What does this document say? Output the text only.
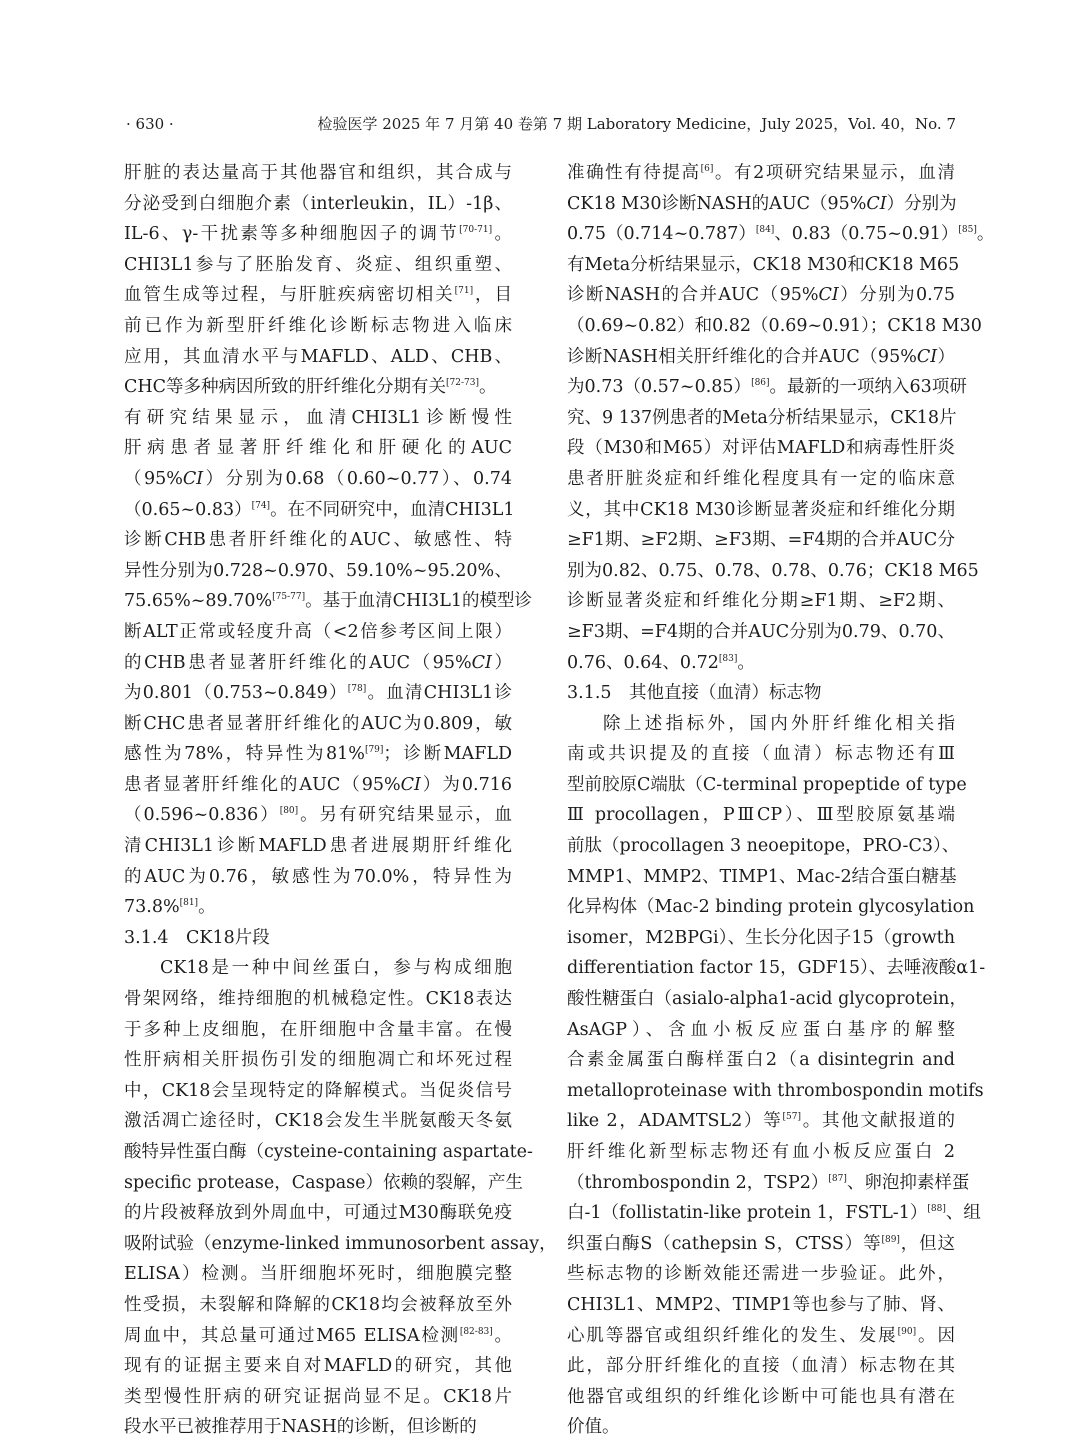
· 630 ·	检验医学 2025 年 7 月第 40 卷第 7 期 Laboratory Medicine，July 2025，Vol. 40，No. 7
肝脏的表达量高于其他器官和组织，其合成与
分泌受到白细胞介素（interleukin，IL）-1β、
IL-6、γ-干扰素等多种细胞因子的调节[70-71]。
CHI3L1参与了胚胎发育、炎症、组织重塑、
血管生成等过程，与肝脏疾病密切相关[71]，目
前已作为新型肝纤维化诊断标志物进入临床
应用，其血清水平与MAFLD、ALD、CHB、
CHC等多种病因所致的肝纤维化分期有关[72-73]。
有研究结果显示，血清CHI3L1诊断慢性
肝病患者显著肝纤维化和肝硬化的AUC
（95%CI）分别为0.68（0.60~0.77）、0.74
（0.65~0.83）[74]。在不同研究中，血清CHI3L1
诊断CHB患者肝纤维化的AUC、敏感性、特
异性分别为0.728~0.970、59.10%~95.20%、
75.65%~89.70%[75-77]。基于血清CHI3L1的模型诊
断ALT正常或轻度升高（<2倍参考区间上限）
的CHB患者显著肝纤维化的AUC（95%CI）
为0.801（0.753~0.849）[78]。血清CHI3L1诊
断CHC患者显著肝纤维化的AUC为0.809，敏
感性为78%，特异性为81%[79]；诊断MAFLD
患者显著肝纤维化的AUC（95%CI）为0.716
（0.596~0.836）[80]。另有研究结果显示，血
清CHI3L1诊断MAFLD患者进展期肝纤维化
的AUC为0.76，敏感性为70.0%，特异性为
73.8%[81]。
3.1.4　CK18片段
CK18是一种中间丝蛋白，参与构成细胞
骨架网络，维持细胞的机械稳定性。CK18表达
于多种上皮细胞，在肝细胞中含量丰富。在慢
性肝病相关肝损伤引发的细胞凋亡和坏死过程
中，CK18会呈现特定的降解模式。当促炎信号
激活凋亡途径时，CK18会发生半胱氨酸天冬氨
酸特异性蛋白酶（cysteine-containing aspartate-
specific protease，Caspase）依赖的裂解，产生
的片段被释放到外周血中，可通过M30酶联免疫
吸附试验（enzyme-linked immunosorbent assay，
ELISA）检测。当肝细胞坏死时，细胞膜完整
性受损，未裂解和降解的CK18均会被释放至外
周血中，其总量可通过M65 ELISA检测[82-83]。
现有的证据主要来自对MAFLD的研究，其他
类型慢性肝病的研究证据尚显不足。CK18片
段水平已被推荐用于NASH的诊断，但诊断的
准确性有待提高[6]。有2项研究结果显示，血清
CK18 M30诊断NASH的AUC（95%CI）分别为
0.75（0.714~0.787）[84]、0.83（0.75~0.91）[85]。
有Meta分析结果显示，CK18 M30和CK18 M65
诊断NASH的合并AUC（95%CI）分别为0.75
（0.69~0.82）和0.82（0.69~0.91）；CK18 M30
诊断NASH相关肝纤维化的合并AUC（95%CI）
为0.73（0.57~0.85）[86]。最新的一项纳入63项研
究、9 137例患者的Meta分析结果显示，CK18片
段（M30和M65）对评估MAFLD和病毒性肝炎
患者肝脏炎症和纤维化程度具有一定的临床意
义，其中CK18 M30诊断显著炎症和纤维化分期
≥F1期、≥F2期、≥F3期、=F4期的合并AUC分
别为0.82、0.75、0.78、0.78、0.76；CK18 M65
诊断显著炎症和纤维化分期≥F1期、≥F2期、
≥F3期、=F4期的合并AUC分别为0.79、0.70、
0.76、0.64、0.72[83]。
3.1.5　其他直接（血清）标志物
除上述指标外，国内外肝纤维化相关指
南或共识提及的直接（血清）标志物还有Ⅲ
型前胶原C端肽（C-terminal propeptide of type
Ⅲ procollagen，PⅢCP）、Ⅲ型胶原氨基端
前肽（procollagen 3 neoepitope，PRO-C3）、
MMP1、MMP2、TIMP1、Mac-2结合蛋白糖基
化异构体（Mac-2 binding protein glycosylation
isomer，M2BPGi）、生长分化因子15（growth
differentiation factor 15，GDF15）、去唾液酸α1-
酸性糖蛋白（asialo-alpha1-acid glycoprotein，
AsAGP）、含血小板反应蛋白基序的解整
合素金属蛋白酶样蛋白2（a disintegrin and
metalloproteinase with thrombospondin motifs
like 2，ADAMTSL2）等[57]。其他文献报道的
肝纤维化新型标志物还有血小板反应蛋白 2
（thrombospondin 2，TSP2）[87]、卵泡抑素样蛋
白-1（follistatin-like protein 1，FSTL-1）[88]、组
织蛋白酶S（cathepsin S，CTSS）等[89]，但这
些标志物的诊断效能还需进一步验证。此外，
CHI3L1、MMP2、TIMP1等也参与了肺、肾、
心肌等器官或组织纤维化的发生、发展[90]。因
此，部分肝纤维化的直接（血清）标志物在其
他器官或组织的纤维化诊断中可能也具有潜在
价值。
